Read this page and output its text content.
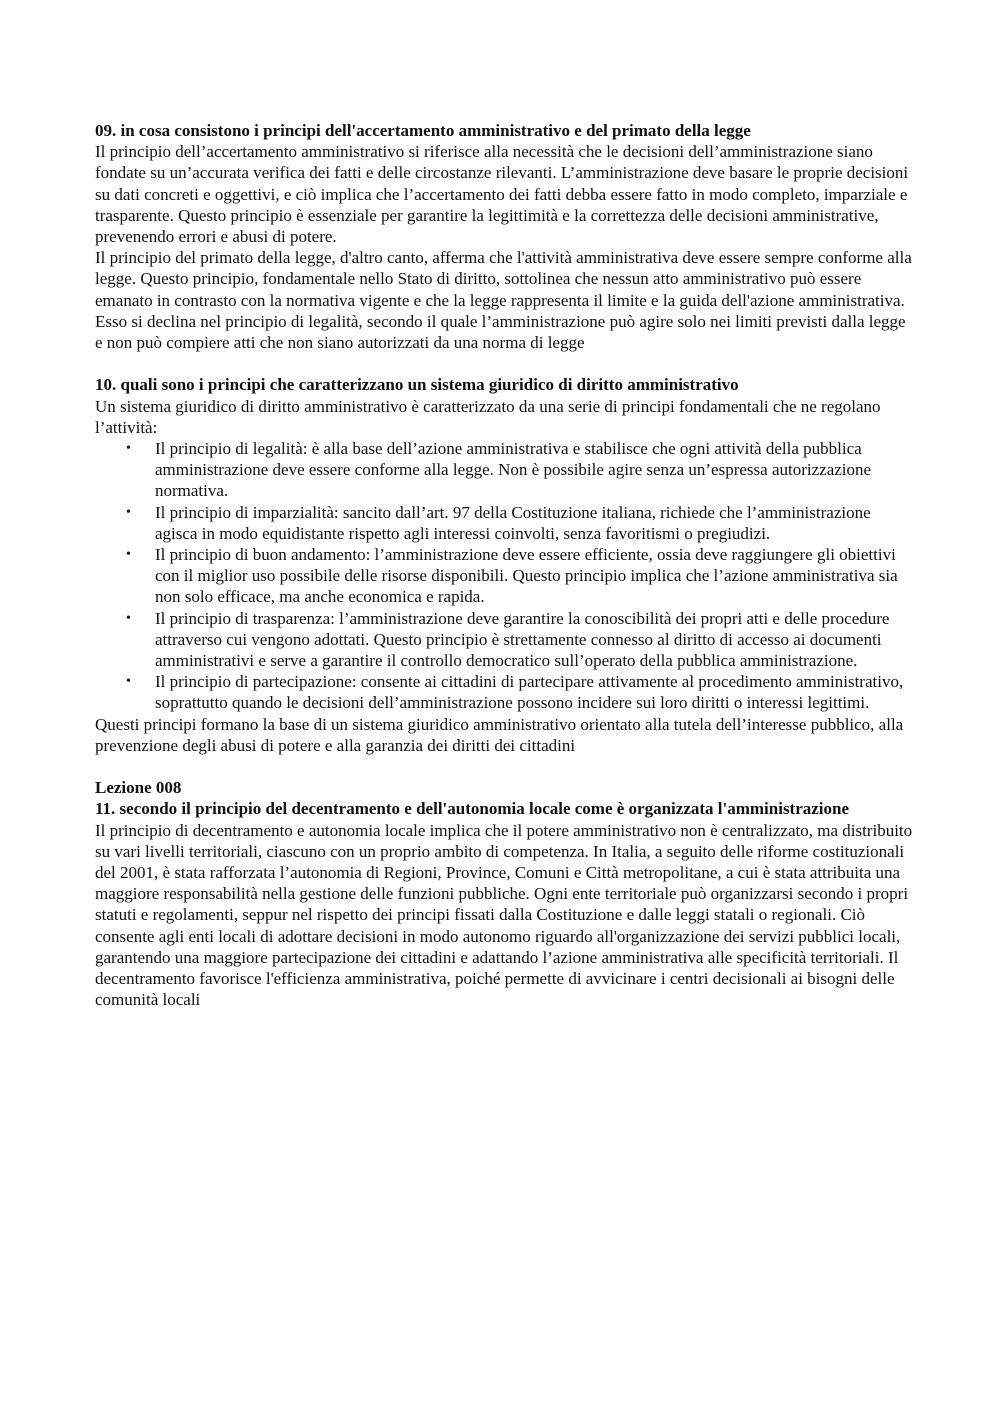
09. in cosa consistono i principi dell'accertamento amministrativo e del primato della legge

Il principio dell’accertamento amministrativo si riferisce alla necessità che le decisioni dell’amministrazione siano fondate su un’accurata verifica dei fatti e delle circostanze rilevanti. L’amministrazione deve basare le proprie decisioni su dati concreti e oggettivi, e ciò implica che l’accertamento dei fatti debba essere fatto in modo completo, imparziale e trasparente. Questo principio è essenziale per garantire la legittimità e la correttezza delle decisioni amministrative, prevenendo errori e abusi di potere.

Il principio del primato della legge, d'altro canto, afferma che l'attività amministrativa deve essere sempre conforme alla legge. Questo principio, fondamentale nello Stato di diritto, sottolinea che nessun atto amministrativo può essere emanato in contrasto con la normativa vigente e che la legge rappresenta il limite e la guida dell'azione amministrativa. Esso si declina nel principio di legalità, secondo il quale l’amministrazione può agire solo nei limiti previsti dalla legge e non può compiere atti che non siano autorizzati da una norma di legge

10. quali sono i principi che caratterizzano un sistema giuridico di diritto amministrativo

Un sistema giuridico di diritto amministrativo è caratterizzato da una serie di principi fondamentali che ne regolano l’attività:

• Il principio di legalità: è alla base dell’azione amministrativa e stabilisce che ogni attività della pubblica amministrazione deve essere conforme alla legge. Non è possibile agire senza un’espressa autorizzazione normativa.
• Il principio di imparzialità: sancito dall’art. 97 della Costituzione italiana, richiede che l’amministrazione agisca in modo equidistante rispetto agli interessi coinvolti, senza favoritismi o pregiudizi.
• Il principio di buon andamento: l’amministrazione deve essere efficiente, ossia deve raggiungere gli obiettivi con il miglior uso possibile delle risorse disponibili. Questo principio implica che l’azione amministrativa sia non solo efficace, ma anche economica e rapida.
• Il principio di trasparenza: l’amministrazione deve garantire la conoscibilità dei propri atti e delle procedure attraverso cui vengono adottati. Questo principio è strettamente connesso al diritto di accesso ai documenti amministrativi e serve a garantire il controllo democratico sull’operato della pubblica amministrazione.
• Il principio di partecipazione: consente ai cittadini di partecipare attivamente al procedimento amministrativo, soprattutto quando le decisioni dell’amministrazione possono incidere sui loro diritti o interessi legittimi.

Questi principi formano la base di un sistema giuridico amministrativo orientato alla tutela dell’interesse pubblico, alla prevenzione degli abusi di potere e alla garanzia dei diritti dei cittadini

Lezione 008

11. secondo il principio del decentramento e dell'autonomia locale come è organizzata l'amministrazione

Il principio di decentramento e autonomia locale implica che il potere amministrativo non è centralizzato, ma distribuito su vari livelli territoriali, ciascuno con un proprio ambito di competenza. In Italia, a seguito delle riforme costituzionali del 2001, è stata rafforzata l’autonomia di Regioni, Province, Comuni e Città metropolitane, a cui è stata attribuita una maggiore responsabilità nella gestione delle funzioni pubbliche. Ogni ente territoriale può organizzarsi secondo i propri statuti e regolamenti, seppur nel rispetto dei principi fissati dalla Costituzione e dalle leggi statali o regionali. Ciò consente agli enti locali di adottare decisioni in modo autonomo riguardo all'organizzazione dei servizi pubblici locali, garantendo una maggiore partecipazione dei cittadini e adattando l’azione amministrativa alle specificità territoriali. Il decentramento favorisce l'efficienza amministrativa, poiché permette di avvicinare i centri decisionali ai bisogni delle comunità locali
